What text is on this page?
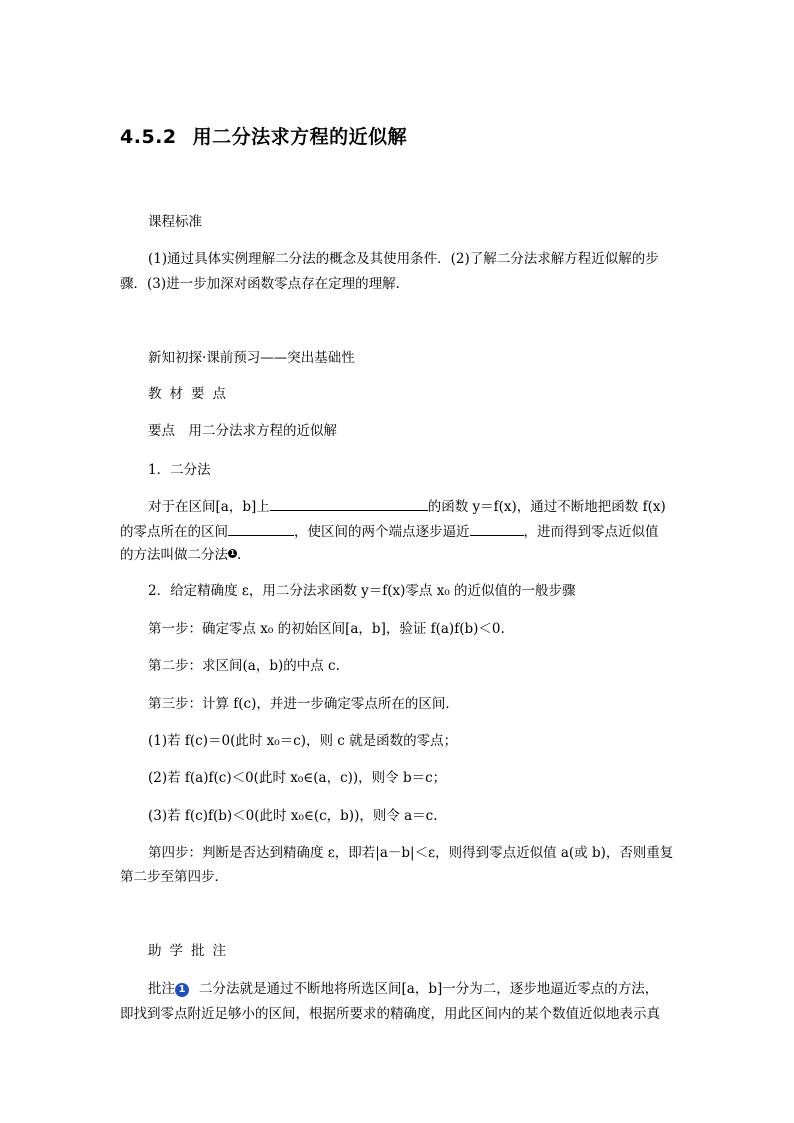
4.5.2 用二分法求方程的近似解
课程标准
(1)通过具体实例理解二分法的概念及其使用条件．(2)了解二分法求解方程近似解的步
骤．(3)进一步加深对函数零点存在定理的理解．
新知初探·课前预习——突出基础性
教材要点
要点　用二分法求方程的近似解
1．二分法
对于在区间[a，b]上	的函数 y＝f(x)，通过不断地把函数 f(x)
的零点所在的区间	，使区间的两个端点逐步逼近	，进而得到零点近似值
的方法叫做二分法 1 .
2．给定精确度 ε，用二分法求函数 y＝f(x)零点 x₀ 的近似值的一般步骤
第一步：确定零点 x₀ 的初始区间[a，b]，验证 f(a)f(b)＜0.
第二步：求区间(a，b)的中点 c.
第三步：计算 f(c)，并进一步确定零点所在的区间．
(1)若 f(c)＝0(此时 x₀＝c)，则 c 就是函数的零点；
(2)若 f(a)f(c)＜0(此时 x₀∈(a，c))，则令 b＝c；
(3)若 f(c)f(b)＜0(此时 x₀∈(c，b))，则令 a＝c.
第四步：判断是否达到精确度 ε，即若|a－b|＜ε，则得到零点近似值 a(或 b)，否则重复
第二步至第四步．
助学批注
批注 1 二分法就是通过不断地将所选区间[a，b]一分为二，逐步地逼近零点的方法，
即找到零点附近足够小的区间，根据所要求的精确度，用此区间内的某个数值近似地表示真
